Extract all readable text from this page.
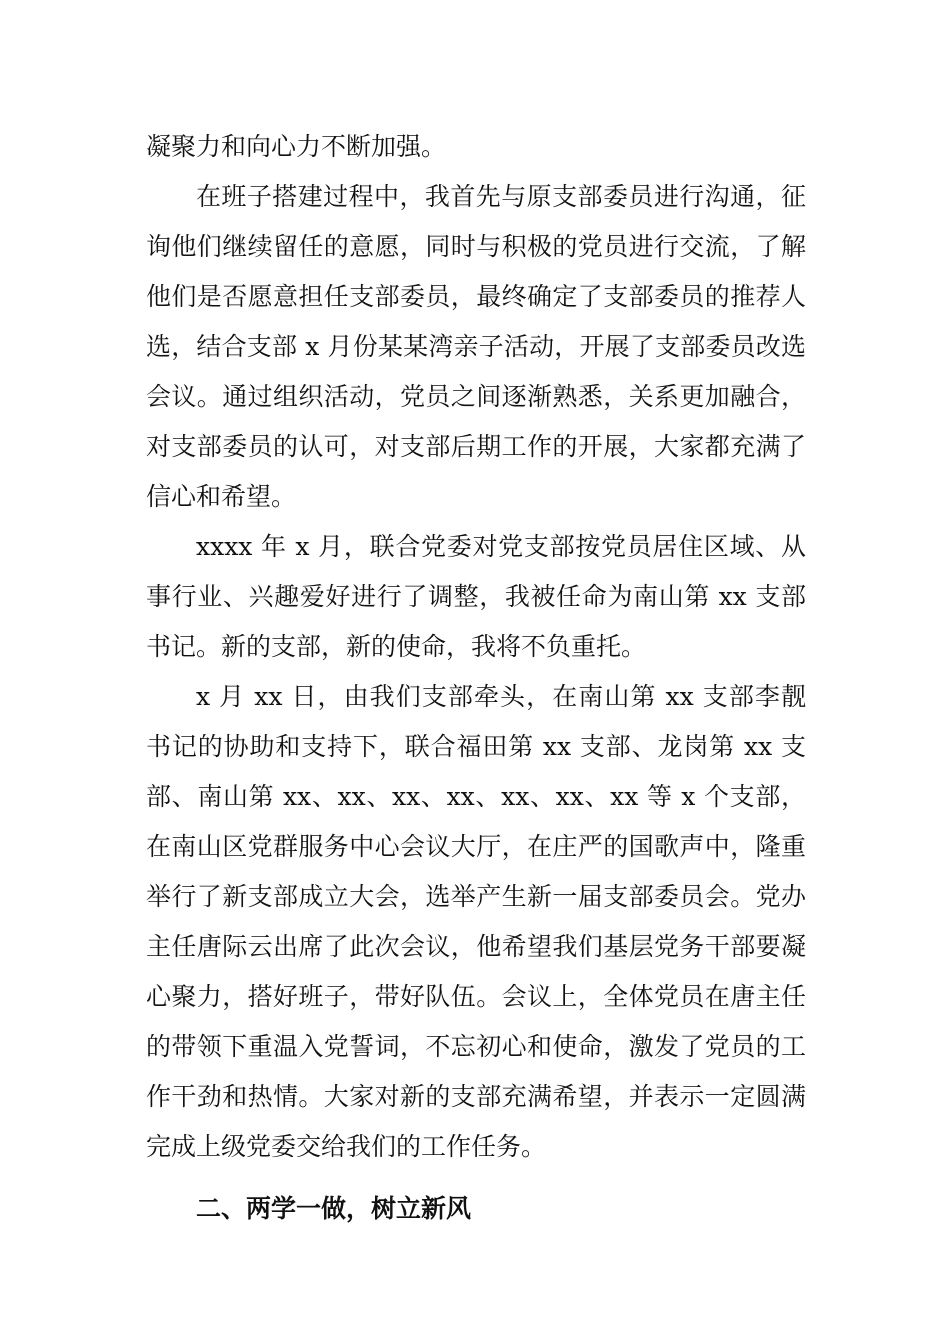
凝聚力和向心力不断加强。

在班子搭建过程中，我首先与原支部委员进行沟通，征询他们继续留任的意愿，同时与积极的党员进行交流，了解他们是否愿意担任支部委员，最终确定了支部委员的推荐人选，结合支部 x 月份某某湾亲子活动，开展了支部委员改选会议。通过组织活动，党员之间逐渐熟悉，关系更加融合，对支部委员的认可，对支部后期工作的开展，大家都充满了信心和希望。

xxxx 年 x 月，联合党委对党支部按党员居住区域、从事行业、兴趣爱好进行了调整，我被任命为南山第 xx 支部书记。新的支部，新的使命，我将不负重托。

x 月 xx 日，由我们支部牵头，在南山第 xx 支部李靓书记的协助和支持下，联合福田第 xx 支部、龙岗第 xx 支部、南山第 xx、xx、xx、xx、xx、xx、xx 等 x 个支部，在南山区党群服务中心会议大厅，在庄严的国歌声中，隆重举行了新支部成立大会，选举产生新一届支部委员会。党办主任唐际云出席了此次会议，他希望我们基层党务干部要凝心聚力，搭好班子，带好队伍。会议上，全体党员在唐主任的带领下重温入党誓词，不忘初心和使命，激发了党员的工作干劲和热情。大家对新的支部充满希望，并表示一定圆满完成上级党委交给我们的工作任务。

二、两学一做，树立新风
